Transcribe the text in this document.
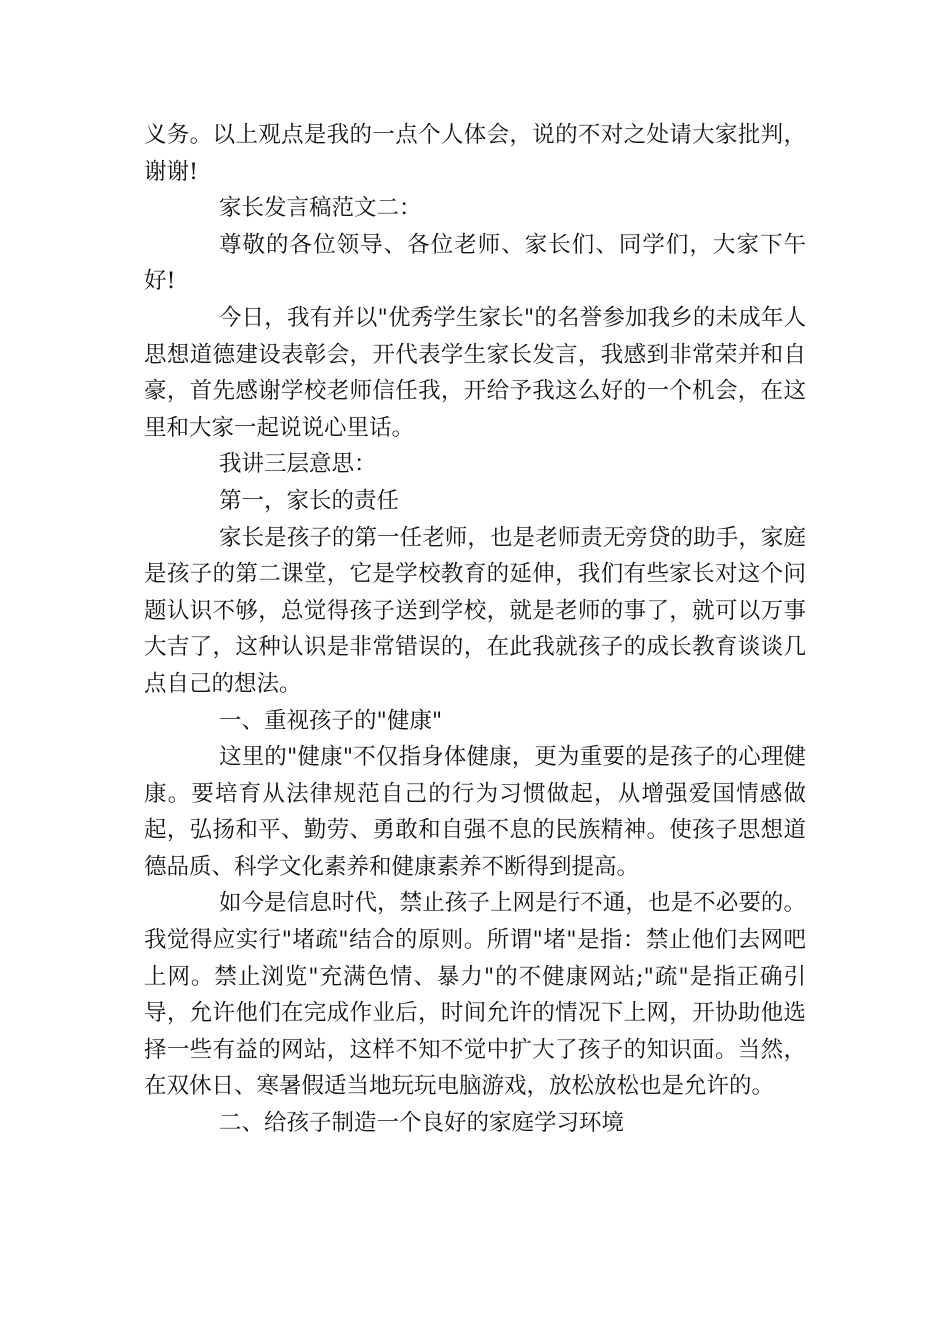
义务。以上观点是我的一点个人体会，说的不对之处请大家批判，谢谢!

家长发言稿范文二：

尊敬的各位领导、各位老师、家长们、同学们，大家下午好!

今日，我有并以"优秀学生家长"的名誉参加我乡的未成年人思想道德建设表彰会，开代表学生家长发言，我感到非常荣并和自豪，首先感谢学校老师信任我，开给予我这么好的一个机会，在这里和大家一起说说心里话。

我讲三层意思：

第一，家长的责任

家长是孩子的第一任老师，也是老师责无旁贷的助手，家庭是孩子的第二课堂，它是学校教育的延伸，我们有些家长对这个问题认识不够，总觉得孩子送到学校，就是老师的事了，就可以万事大吉了，这种认识是非常错误的，在此我就孩子的成长教育谈谈几点自己的想法。

一、重视孩子的"健康"

这里的"健康"不仅指身体健康，更为重要的是孩子的心理健康。要培育从法律规范自己的行为习惯做起，从增强爱国情感做起，弘扬和平、勤劳、勇敢和自强不息的民族精神。使孩子思想道德品质、科学文化素养和健康素养不断得到提高。

如今是信息时代，禁止孩子上网是行不通，也是不必要的。我觉得应实行"堵疏"结合的原则。所谓"堵"是指：禁止他们去网吧上网。禁止浏览"充满色情、暴力"的不健康网站;"疏"是指正确引导，允许他们在完成作业后，时间允许的情况下上网，开协助他选择一些有益的网站，这样不知不觉中扩大了孩子的知识面。当然，在双休日、寒暑假适当地玩玩电脑游戏，放松放松也是允许的。

二、给孩子制造一个良好的家庭学习环境
